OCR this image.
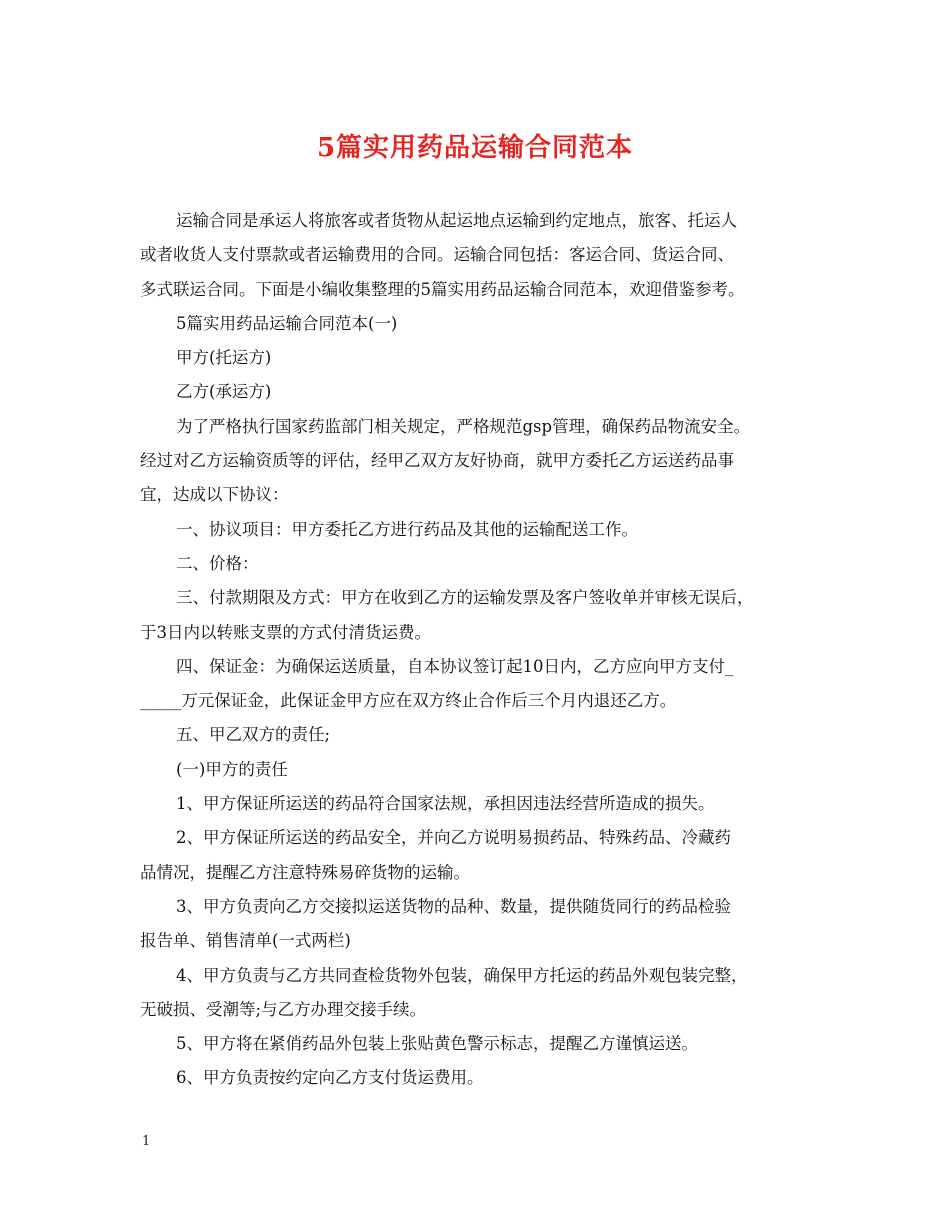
5篇实用药品运输合同范本
运输合同是承运人将旅客或者货物从起运地点运输到约定地点，旅客、托运人
或者收货人支付票款或者运输费用的合同。运输合同包括：客运合同、货运合同、
多式联运合同。下面是小编收集整理的5篇实用药品运输合同范本，欢迎借鉴参考。
5篇实用药品运输合同范本(一)
甲方(托运方)
乙方(承运方)
为了严格执行国家药监部门相关规定，严格规范gsp管理，确保药品物流安全。
经过对乙方运输资质等的评估，经甲乙双方友好协商，就甲方委托乙方运送药品事
宜，达成以下协议：
一、协议项目：甲方委托乙方进行药品及其他的运输配送工作。
二、价格：
三、付款期限及方式：甲方在收到乙方的运输发票及客户签收单并审核无误后，
于3日内以转账支票的方式付清货运费。
四、保证金：为确保运送质量，自本协议签订起10日内，乙方应向甲方支付_
_____万元保证金，此保证金甲方应在双方终止合作后三个月内退还乙方。
五、甲乙双方的责任;
(一)甲方的责任
1、甲方保证所运送的药品符合国家法规，承担因违法经营所造成的损失。
2、甲方保证所运送的药品安全，并向乙方说明易损药品、特殊药品、冷藏药
品情况，提醒乙方注意特殊易碎货物的运输。
3、甲方负责向乙方交接拟运送货物的品种、数量，提供随货同行的药品检验
报告单、销售清单(一式两栏)
4、甲方负责与乙方共同查检货物外包装，确保甲方托运的药品外观包装完整，
无破损、受潮等;与乙方办理交接手续。
5、甲方将在紧俏药品外包装上张贴黄色警示标志，提醒乙方谨慎运送。
6、甲方负责按约定向乙方支付货运费用。
1
